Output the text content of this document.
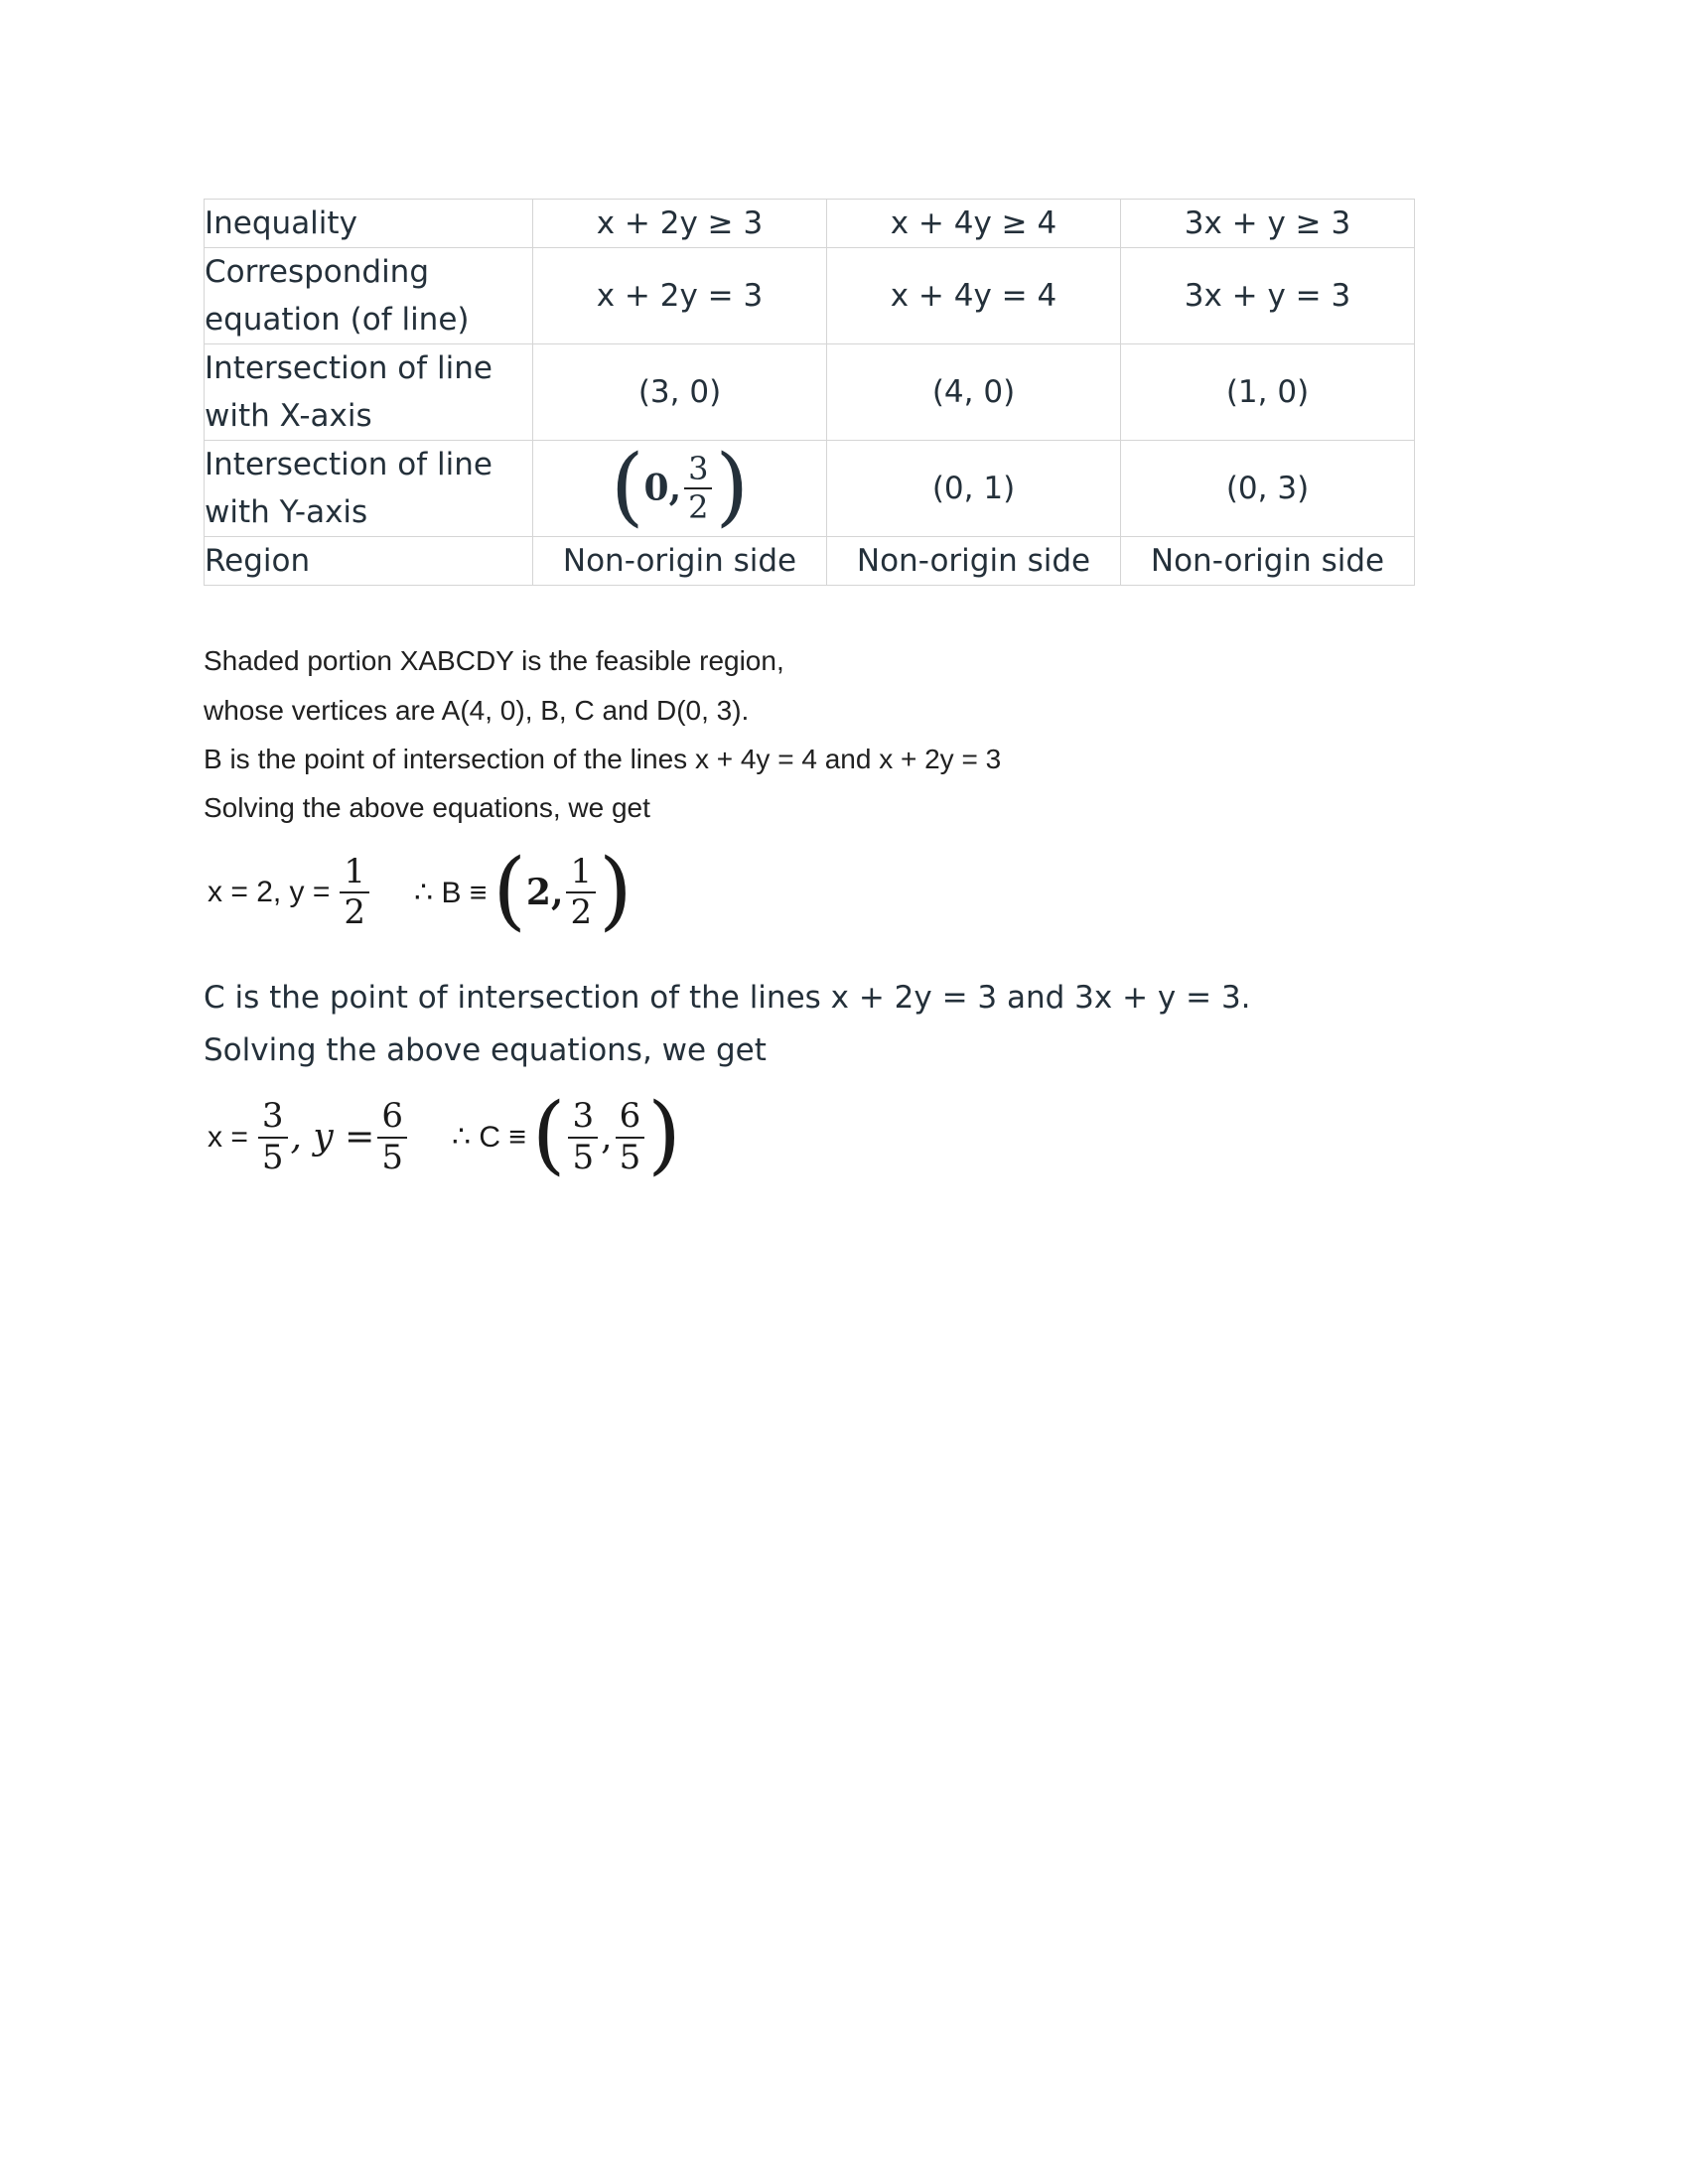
Inequality	x + 2y ≥ 3	x + 4y ≥ 4	3x + y ≥ 3
Corresponding equation (of line)	x + 2y = 3	x + 4y = 4	3x + y = 3
Intersection of line with X-axis	(3, 0)	(4, 0)	(1, 0)
Intersection of line with Y-axis	(0, $\frac{3}{2}$ )	(0, 1)	(0, 3)
Region	Non-origin side	Non-origin side	Non-origin side

Shaded portion XABCDY is the feasible region,

whose vertices are A(4, 0), B, C and D(0, 3).

B is the point of intersection of the lines x + 4y = 4 and x + 2y = 3

Solving the above equations, we get

x = 2, $y = \frac{1}{2}$ ∴ B ≡ ( 2, $\frac{1}{2}$ )

C is the point of intersection of the lines x + 2y = 3 and 3x + y = 3.

Solving the above equations, we get

$x = \frac{3}{5}$ , $y = \frac{6}{5}$ ∴ C ≡ ( $\frac{3}{5}$ , $\frac{6}{5}$ )
